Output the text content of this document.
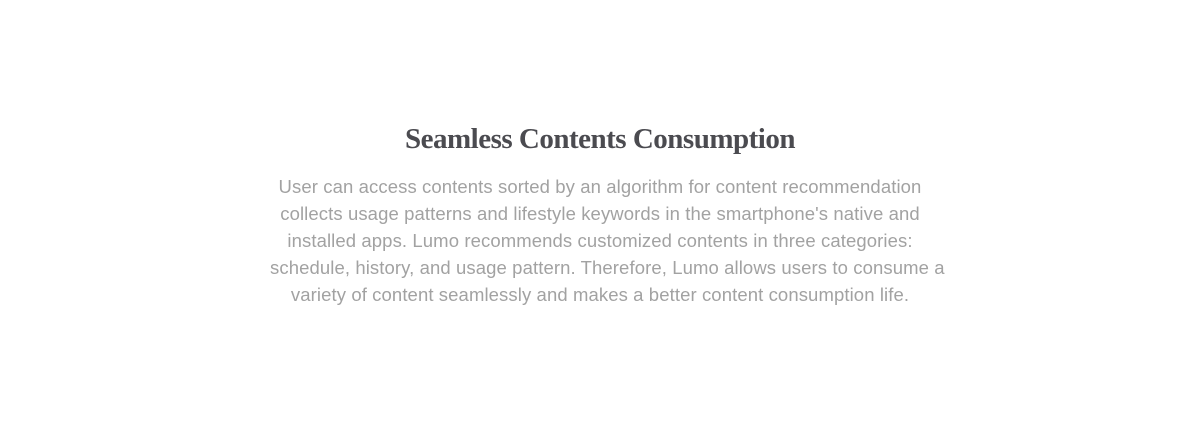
Seamless Contents Consumption
User can access contents sorted by an algorithm for content recommendation
collects usage patterns and lifestyle keywords in the smartphone's native and
installed apps. Lumo recommends customized contents in three categories:
schedule, history, and usage pattern. Therefore, Lumo allows users to consume a
variety of content seamlessly and makes a better content consumption life.
